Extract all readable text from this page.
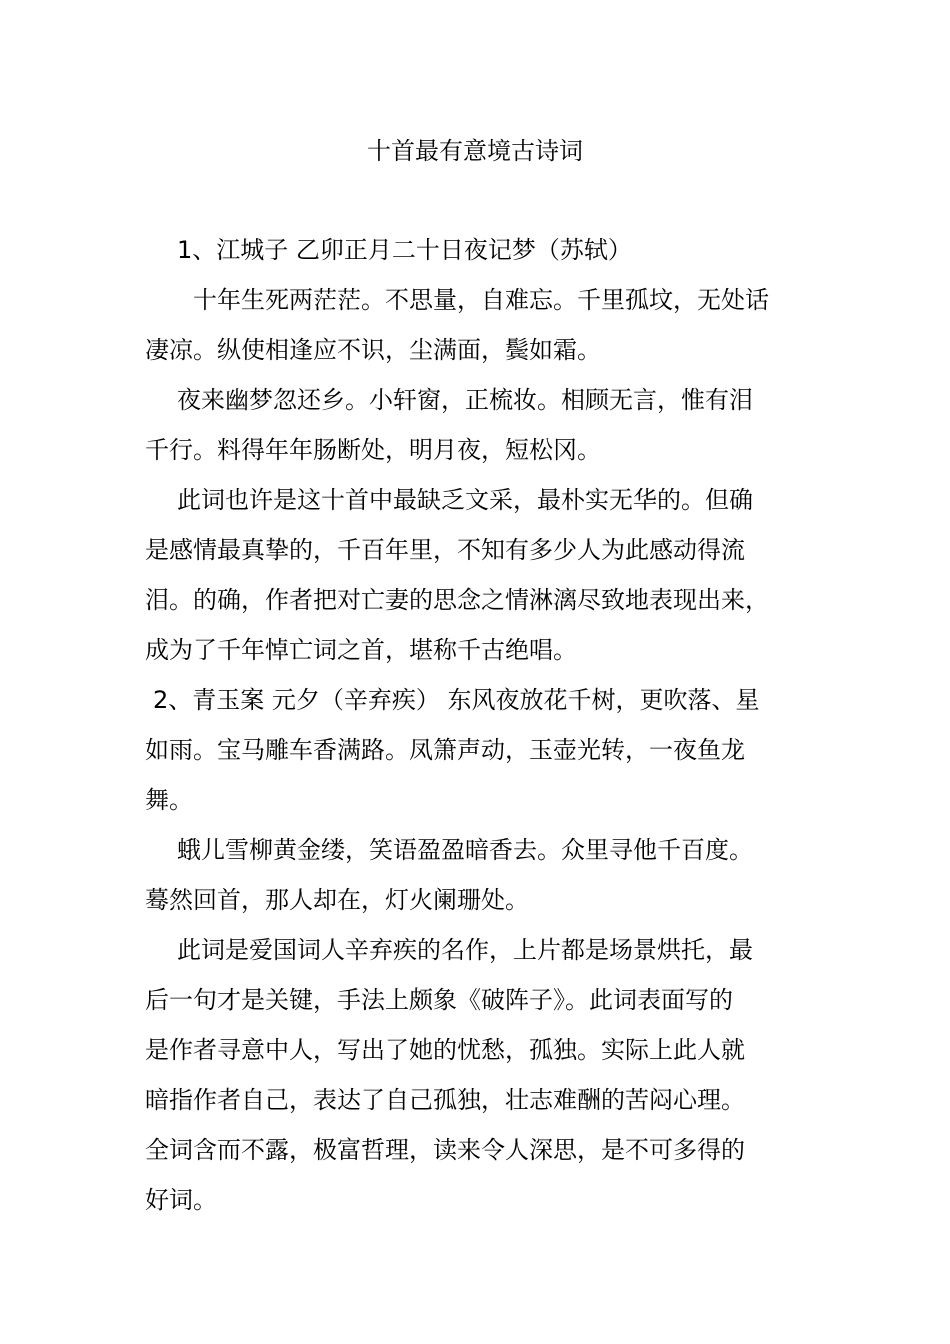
十首最有意境古诗词
1、江城子 乙卯正月二十日夜记梦（苏轼）
十年生死两茫茫。不思量，自难忘。千里孤坟，无处话
凄凉。纵使相逢应不识，尘满面，鬓如霜。
夜来幽梦忽还乡。小轩窗，正梳妆。相顾无言，惟有泪
千行。料得年年肠断处，明月夜，短松冈。
此词也许是这十首中最缺乏文采，最朴实无华的。但确
是感情最真挚的，千百年里，不知有多少人为此感动得流
泪。的确，作者把对亡妻的思念之情淋漓尽致地表现出来，
成为了千年悼亡词之首，堪称千古绝唱。
2、青玉案 元夕（辛弃疾） 东风夜放花千树，更吹落、星
如雨。宝马雕车香满路。凤箫声动，玉壶光转，一夜鱼龙
舞。
蛾儿雪柳黄金缕，笑语盈盈暗香去。众里寻他千百度。
蓦然回首，那人却在，灯火阑珊处。
此词是爱国词人辛弃疾的名作，上片都是场景烘托，最
后一句才是关键，手法上颇象《破阵子》。此词表面写的
是作者寻意中人，写出了她的忧愁，孤独。实际上此人就
暗指作者自己，表达了自己孤独，壮志难酬的苦闷心理。
全词含而不露，极富哲理，读来令人深思，是不可多得的
好词。
